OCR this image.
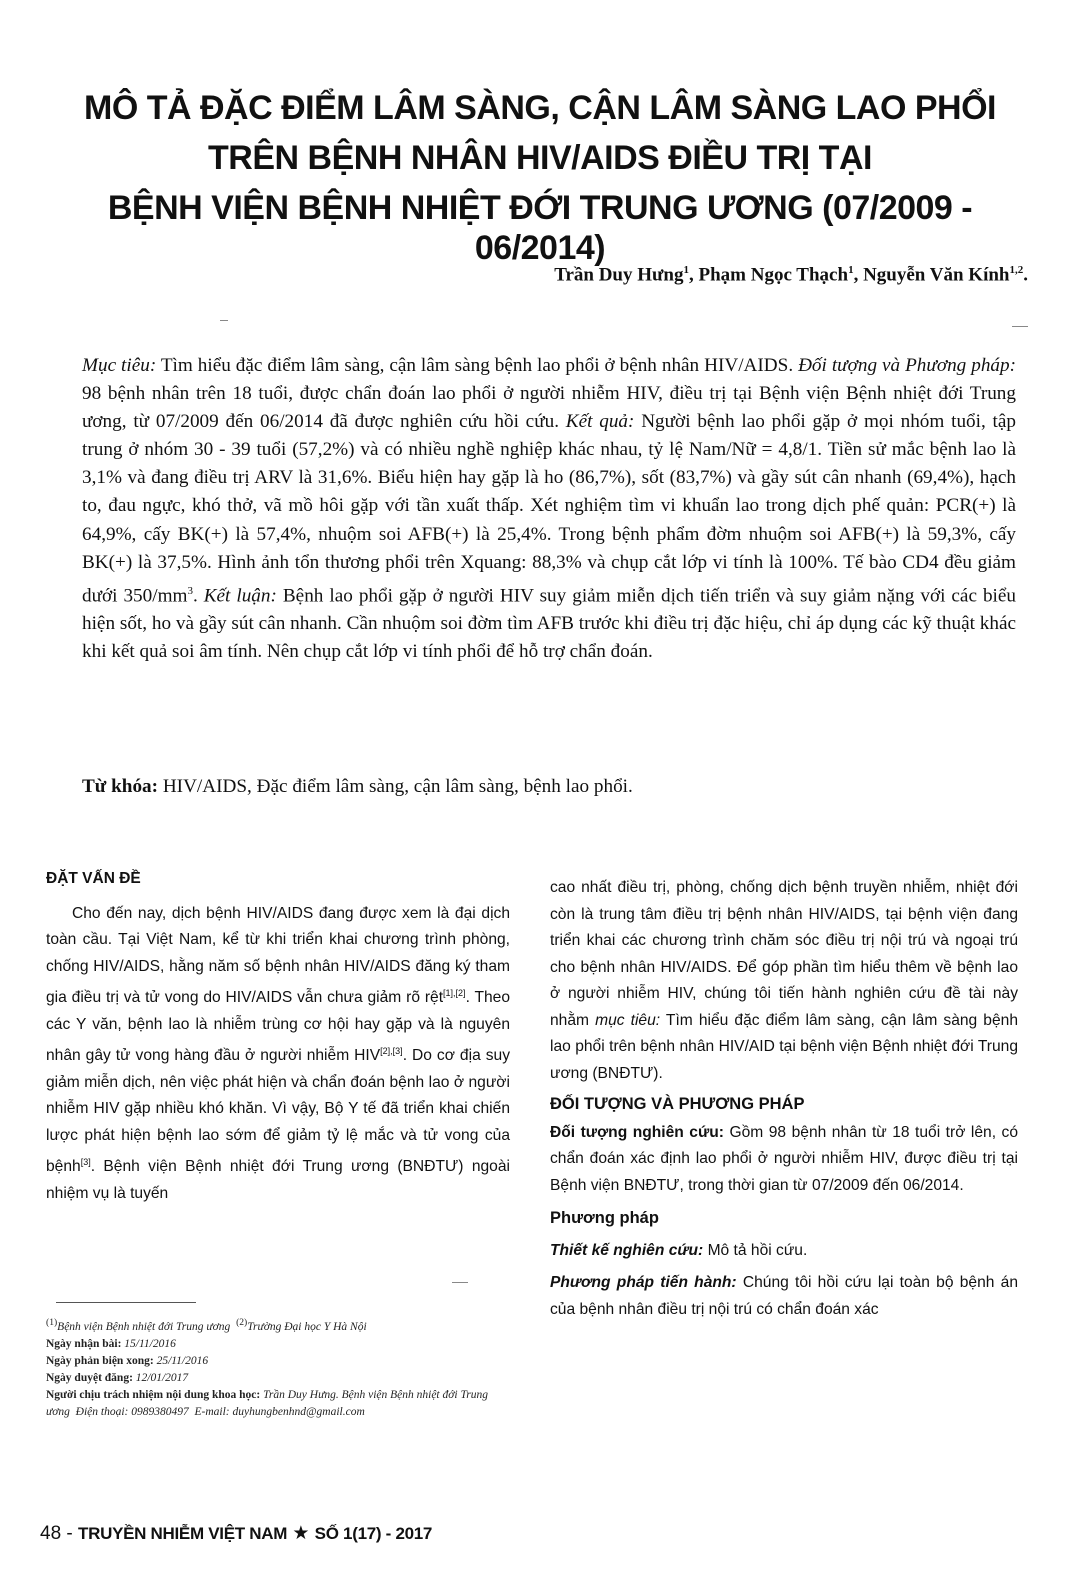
MÔ TẢ ĐẶC ĐIỂM LÂM SÀNG, CẬN LÂM SÀNG LAO PHỔI
TRÊN BỆNH NHÂN HIV/AIDS ĐIỀU TRỊ TẠI
BỆNH VIỆN BỆNH NHIỆT ĐỚI TRUNG ƯƠNG (07/2009 - 06/2014)
Trần Duy Hưng$^1$, Phạm Ngọc Thạch$^1$, Nguyễn Văn Kính$^{1,2}$.
Mục tiêu: Tìm hiểu đặc điểm lâm sàng, cận lâm sàng bệnh lao phổi ở bệnh nhân HIV/AIDS. Đối tượng và Phương pháp: 98 bệnh nhân trên 18 tuổi, được chẩn đoán lao phổi ở người nhiễm HIV, điều trị tại Bệnh viện Bệnh nhiệt đới Trung ương, từ 07/2009 đến 06/2014 đã được nghiên cứu hồi cứu. Kết quả: Người bệnh lao phổi gặp ở mọi nhóm tuổi, tập trung ở nhóm 30 - 39 tuổi (57,2%) và có nhiều nghề nghiệp khác nhau, tỷ lệ Nam/Nữ = 4,8/1. Tiền sử mắc bệnh lao là 3,1% và đang điều trị ARV là 31,6%. Biểu hiện hay gặp là ho (86,7%), sốt (83,7%) và gầy sút cân nhanh (69,4%), hạch to, đau ngực, khó thở, vã mồ hôi gặp với tần xuất thấp. Xét nghiệm tìm vi khuẩn lao trong dịch phế quản: PCR(+) là 64,9%, cấy BK(+) là 57,4%, nhuộm soi AFB(+) là 25,4%. Trong bệnh phẩm đờm nhuộm soi AFB(+) là 59,3%, cấy BK(+) là 37,5%. Hình ảnh tổn thương phổi trên Xquang: 88,3% và chụp cắt lớp vi tính là 100%. Tế bào CD4 đều giảm dưới $350/mm^3$. Kết luận: Bệnh lao phổi gặp ở người HIV suy giảm miễn dịch tiến triển và suy giảm nặng với các biểu hiện sốt, ho và gầy sút cân nhanh. Cần nhuộm soi đờm tìm AFB trước khi điều trị đặc hiệu, chỉ áp dụng các kỹ thuật khác khi kết quả soi âm tính. Nên chụp cắt lớp vi tính phổi để hỗ trợ chẩn đoán.
Từ khóa: HIV/AIDS, Đặc điểm lâm sàng, cận lâm sàng, bệnh lao phổi.
ĐẶT VẤN ĐỀ

Cho đến nay, dịch bệnh HIV/AIDS đang được xem là đại dịch toàn cầu. Tại Việt Nam, kể từ khi triển khai chương trình phòng, chống HIV/AIDS, hằng năm số bệnh nhân HIV/AIDS đăng ký tham gia điều trị và tử vong do HIV/AIDS vẫn chưa giảm rõ rệt[1],[2]. Theo các Y văn, bệnh lao là nhiễm trùng cơ hội hay gặp và là nguyên nhân gây tử vong hàng đầu ở người nhiễm HIV[2],[3]. Do cơ địa suy giảm miễn dịch, nên việc phát hiện và chẩn đoán bệnh lao ở người nhiễm HIV gặp nhiều khó khăn. Vì vậy, Bộ Y tế đã triển khai chiến lược phát hiện bệnh lao sớm để giảm tỷ lệ mắc và tử vong của bệnh[3]. Bệnh viện Bệnh nhiệt đới Trung ương (BNĐTƯ) ngoài nhiệm vụ là tuyến

cao nhất điều trị, phòng, chống dịch bệnh truyền nhiễm, nhiệt đới còn là trung tâm điều trị bệnh nhân HIV/AIDS, tại bệnh viện đang triển khai các chương trình chăm sóc điều trị nội trú và ngoại trú cho bệnh nhân HIV/AIDS. Để góp phần tìm hiểu thêm về bệnh lao ở người nhiễm HIV, chúng tôi tiến hành nghiên cứu đề tài này nhằm mục tiêu: Tìm hiểu đặc điểm lâm sàng, cận lâm sàng bệnh lao phổi trên bệnh nhân HIV/AID tại bệnh viện Bệnh nhiệt đới Trung ương (BNĐTƯ).

ĐỐI TƯỢNG VÀ PHƯƠNG PHÁP

Đối tượng nghiên cứu: Gồm 98 bệnh nhân từ 18 tuổi trở lên, có chẩn đoán xác định lao phổi ở người nhiễm HIV, được điều trị tại Bệnh viện BNĐTƯ, trong thời gian từ 07/2009 đến 06/2014.

Phương pháp

Thiết kế nghiên cứu: Mô tả hồi cứu.

Phương pháp tiến hành: Chúng tôi hồi cứu lại toàn bộ bệnh án của bệnh nhân điều trị nội trú có chẩn đoán xác

$^{(1)}$Bệnh viện Bệnh nhiệt đới Trung ương $^{(2)}$Trường Đại học Y Hà Nội
Ngày nhận bài: 15/11/2016
Ngày phản biện xong: 25/11/2016
Ngày duyệt đăng: 12/01/2017
Người chịu trách nhiệm nội dung khoa học: Trần Duy Hưng. Bệnh viện Bệnh nhiệt đới Trung ương Điện thoại: 0989380497 E-mail: duyhungbenhnd@gmail.com
48 - TRUYỀN NHIỄM VIỆT NAM ★ SỐ 1(17) - 2017
